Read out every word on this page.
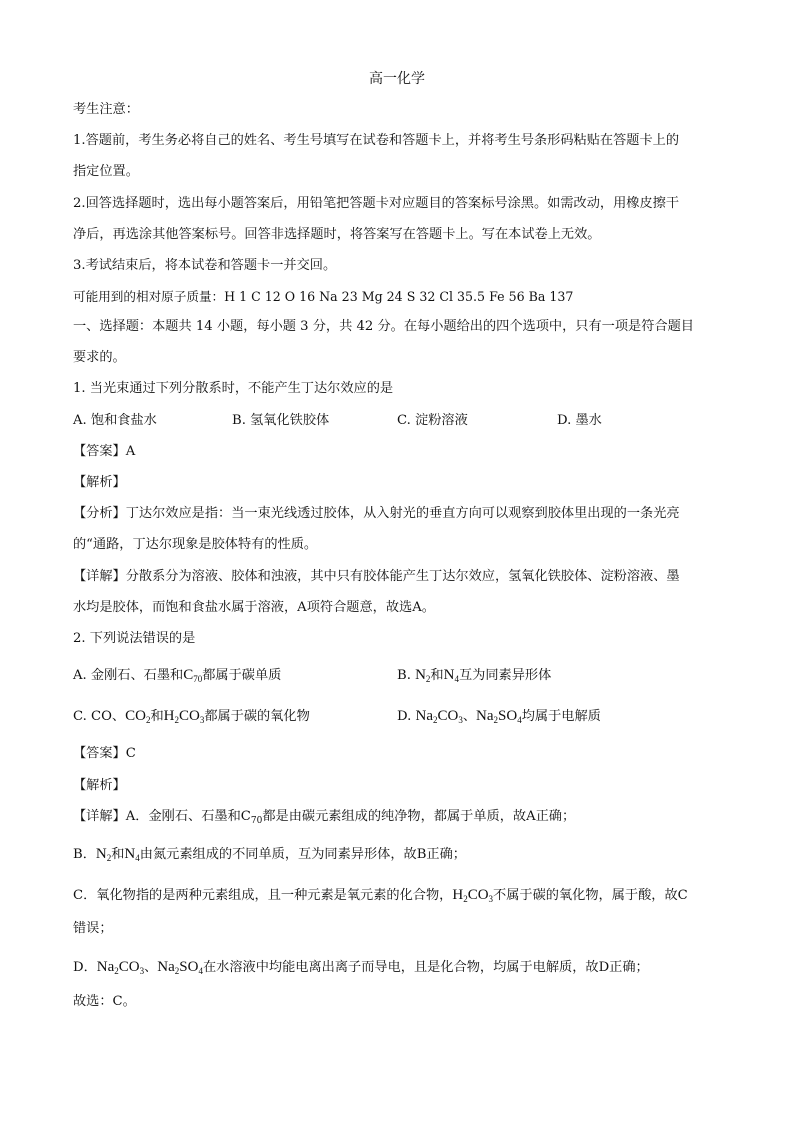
高一化学
考生注意：
1.答题前，考生务必将自己的姓名、考生号填写在试卷和答题卡上，并将考生号条形码粘贴在答题卡上的
指定位置。
2.回答选择题时，选出每小题答案后，用铅笔把答题卡对应题目的答案标号涂黑。如需改动，用橡皮擦干
净后，再选涂其他答案标号。回答非选择题时，将答案写在答题卡上。写在本试卷上无效。
3.考试结束后，将本试卷和答题卡一并交回。
可能用到的相对原子质量：H 1 C 12 O 16 Na 23 Mg 24 S 32 Cl 35.5 Fe 56 Ba 137
一、选择题：本题共 14 小题，每小题 3 分，共 42 分。在每小题给出的四个选项中，只有一项是符合题目
要求的。
1. 当光束通过下列分散系时，不能产生丁达尔效应的是
A. 饱和食盐水	B. 氢氧化铁胶体	C. 淀粉溶液	D. 墨水
【答案】A
【解析】
【分析】丁达尔效应是指：当一束光线透过胶体，从入射光的垂直方向可以观察到胶体里出现的一条光亮
的“通路，丁达尔现象是胶体特有的性质。
【详解】分散系分为溶液、胶体和浊液，其中只有胶体能产生丁达尔效应，氢氧化铁胶体、淀粉溶液、墨
水均是胶体，而饱和食盐水属于溶液，A项符合题意，故选A。
2. 下列说法错误的是
A. 金刚石、石墨和$C_{70}$都属于碳单质	B. $N_2$和$N_4$互为同素异形体
C. CO、$CO_2$和$H_2CO_3$都属于碳的氧化物	D. $Na_2CO_3$、$Na_2SO_4$均属于电解质
【答案】C
【解析】
【详解】A．金刚石、石墨和$C_{70}$都是由碳元素组成的纯净物，都属于单质，故A正确；
B．$N_2$和$N_4$由氮元素组成的不同单质，互为同素异形体，故B正确；
C．氧化物指的是两种元素组成，且一种元素是氧元素的化合物，$H_2CO_3$不属于碳的氧化物，属于酸，故C
错误；
D．$Na_2CO_3$、$Na_2SO_4$在水溶液中均能电离出离子而导电，且是化合物，均属于电解质，故D正确；
故选：C。
